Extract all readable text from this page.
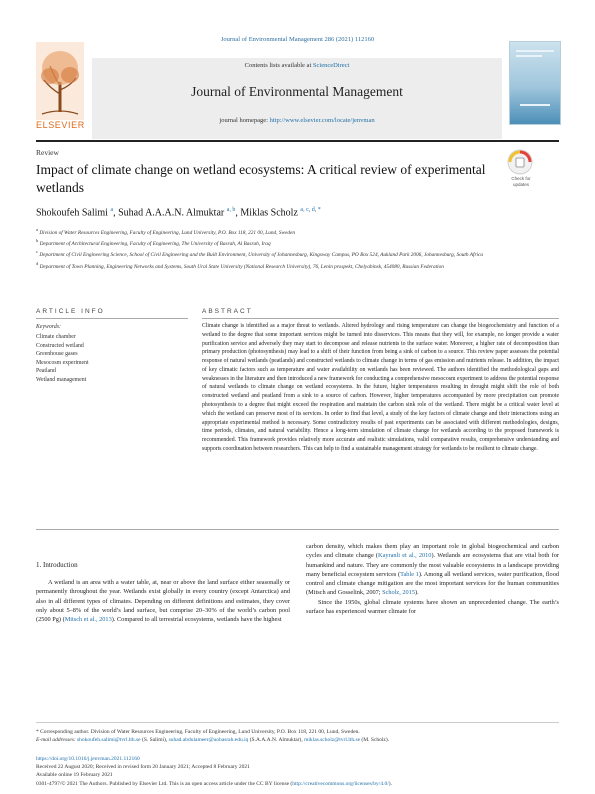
Journal of Environmental Management 286 (2021) 112160
ELSEVIER
Contents lists available at ScienceDirect
Journal of Environmental Management
journal homepage: http://www.elsevier.com/locate/jenvman
Review
Impact of climate change on wetland ecosystems: A critical review of experimental wetlands
Check for updates
Shokoufeh Salimi $^a$, Suhad A.A.A.N. Almuktar $^{a, b}$, Miklas Scholz $^{a, c, d, *}$
$^a$ Division of Water Resources Engineering, Faculty of Engineering, Lund University, P.O. Box 118, 221 00, Lund, Sweden
$^b$ Department of Architectural Engineering, Faculty of Engineering, The University of Basrah, Al Basrah, Iraq
$^c$ Department of Civil Engineering Science, School of Civil Engineering and the Built Environment, University of Johannesburg, Kingsway Campus, PO Box 524, Aukland Park 2006, Johannesburg, South Africa
$^d$ Department of Town Planning, Engineering Networks and Systems, South Ural State University (National Research University), 76, Lenin prospekt, Chelyabinsk, 454080, Russian Federation
ARTICLE INFO	ABSTRACT
Keywords:
Climate chamber
Constructed wetland
Greenhouse gases
Mesocosm experiment
Peatland
Wetland management
Climate change is identified as a major threat to wetlands. Altered hydrology and rising temperature can change the biogeochemistry and function of a wetland to the degree that some important services might be turned into disservices. This means that they will, for example, no longer provide a water purification service and adversely they may start to decompose and release nutrients to the surface water. Moreover, a higher rate of decomposition than primary production (photosynthesis) may lead to a shift of their function from being a sink of carbon to a source. This review paper assesses the potential response of natural wetlands (peatlands) and constructed wetlands to climate change in terms of gas emission and nutrients release. In addition, the impact of key climatic factors such as temperature and water availability on wetlands has been reviewed. The authors identified the methodological gaps and weaknesses in the literature and then introduced a new framework for conducting a comprehensive mesocosm experiment to address the potential response of natural wetlands to climate change on wetland ecosystems. In the future, higher temperatures resulting in drought might shift the role of both constructed wetland and peatland from a sink to a source of carbon. However, higher temperatures accompanied by more precipitation can promote photosynthesis to a degree that might exceed the respiration and maintain the carbon sink role of the wetland. There might be a critical water level at which the wetland can preserve most of its services. In order to find that level, a study of the key factors of climate change and their interactions using an appropriate experimental method is necessary. Some contradictory results of past experiments can be associated with different methodologies, designs, time periods, climates, and natural variability. Hence a long-term simulation of climate change for wetlands according to the proposed framework is recommended. This framework provides relatively more accurate and realistic simulations, valid comparative results, comprehensive understanding and supports coordination between researchers. This can help to find a sustainable management strategy for wetlands to be resilient to climate change.
1. Introduction
A wetland is an area with a water table, at, near or above the land surface either seasonally or permanently throughout the year. Wetlands exist globally in every country (except Antarctica) and also in all different types of climates. Depending on different definitions and estimates, they cover only about 5–8% of the world’s land surface, but comprise 20–30% of the world’s carbon pool (2500 Pg) (Mitsch et al., 2013). Compared to all terrestrial ecosystems, wetlands have the highest
carbon density, which makes them play an important role in global biogeochemical and carbon cycles and climate change (Kayranli et al., 2010). Wetlands are ecosystems that are vital both for humankind and nature. They are commonly the most valuable ecosystems in a landscape providing many beneficial ecosystem services (Table 1). Among all wetland services, water purification, flood control and climate change mitigation are the most important services for the human communities (Mitsch and Gosselink, 2007; Scholz, 2015).
Since the 1950s, global climate systems have shown an unprecedented change. The earth’s surface has experienced warmer climate for
* Corresponding author. Division of Water Resources Engineering, Faculty of Engineering, Lund University, P.O. Box 118, 221 00, Lund, Sweden.
E-mail addresses: shokoufeh.salimi@tvrl.lth.se (S. Salimi), suhad.abdulameer@uobasrah.edu.iq (S.A.A.A.N. Almuktar), miklas.scholz@tvrl.lth.se (M. Scholz).
https://doi.org/10.1016/j.jenvman.2021.112160
Received 22 August 2020; Received in revised form 20 January 2021; Accepted 8 February 2021
Available online 19 February 2021
0301-4797/© 2021 The Authors. Published by Elsevier Ltd. This is an open access article under the CC BY license (http://creativecommons.org/licenses/by/4.0/).
